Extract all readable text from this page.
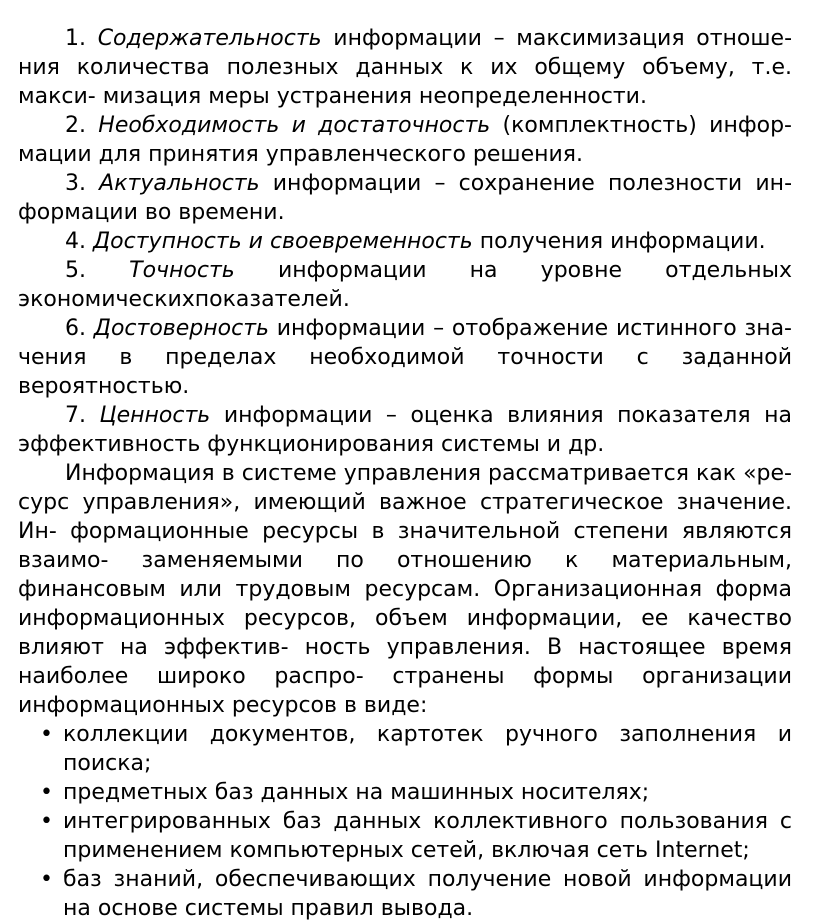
1. Содержательность информации – максимизация отноше- ния количества полезных данных к их общему объему, т.е. макси- мизация меры устранения неопределенности.

2. Необходимость и достаточность (комплектность) инфор- мации для принятия управленческого решения.

3. Актуальность информации – сохранение полезности ин- формации во времени.

4. Доступность и своевременность получения информации.

5. Точность информации на уровне отдельных экономическихпоказателей.

6. Достоверность информации – отображение истинного зна-чения в пределах необходимой точности с заданной вероятностью.

7. Ценность информации – оценка влияния показателя на эффективность функционирования системы и др.

Информация в системе управления рассматривается как «ре- сурс управления», имеющий важное стратегическое значение. Ин- формационные ресурсы в значительной степени являются взаимо- заменяемыми по отношению к материальным, финансовым или трудовым ресурсам. Организационная форма информационных ресурсов, объем информации, ее качество влияют на эффектив- ность управления. В настоящее время наиболее широко распро- странены формы организации информационных ресурсов в виде:

• коллекции документов, картотек ручного заполнения и поиска;
• предметных баз данных на машинных носителях;
• интегрированных баз данных коллективного пользования с применением компьютерных сетей, включая сеть Internet;
• баз знаний, обеспечивающих получение новой информации на основе системы правил вывода.
